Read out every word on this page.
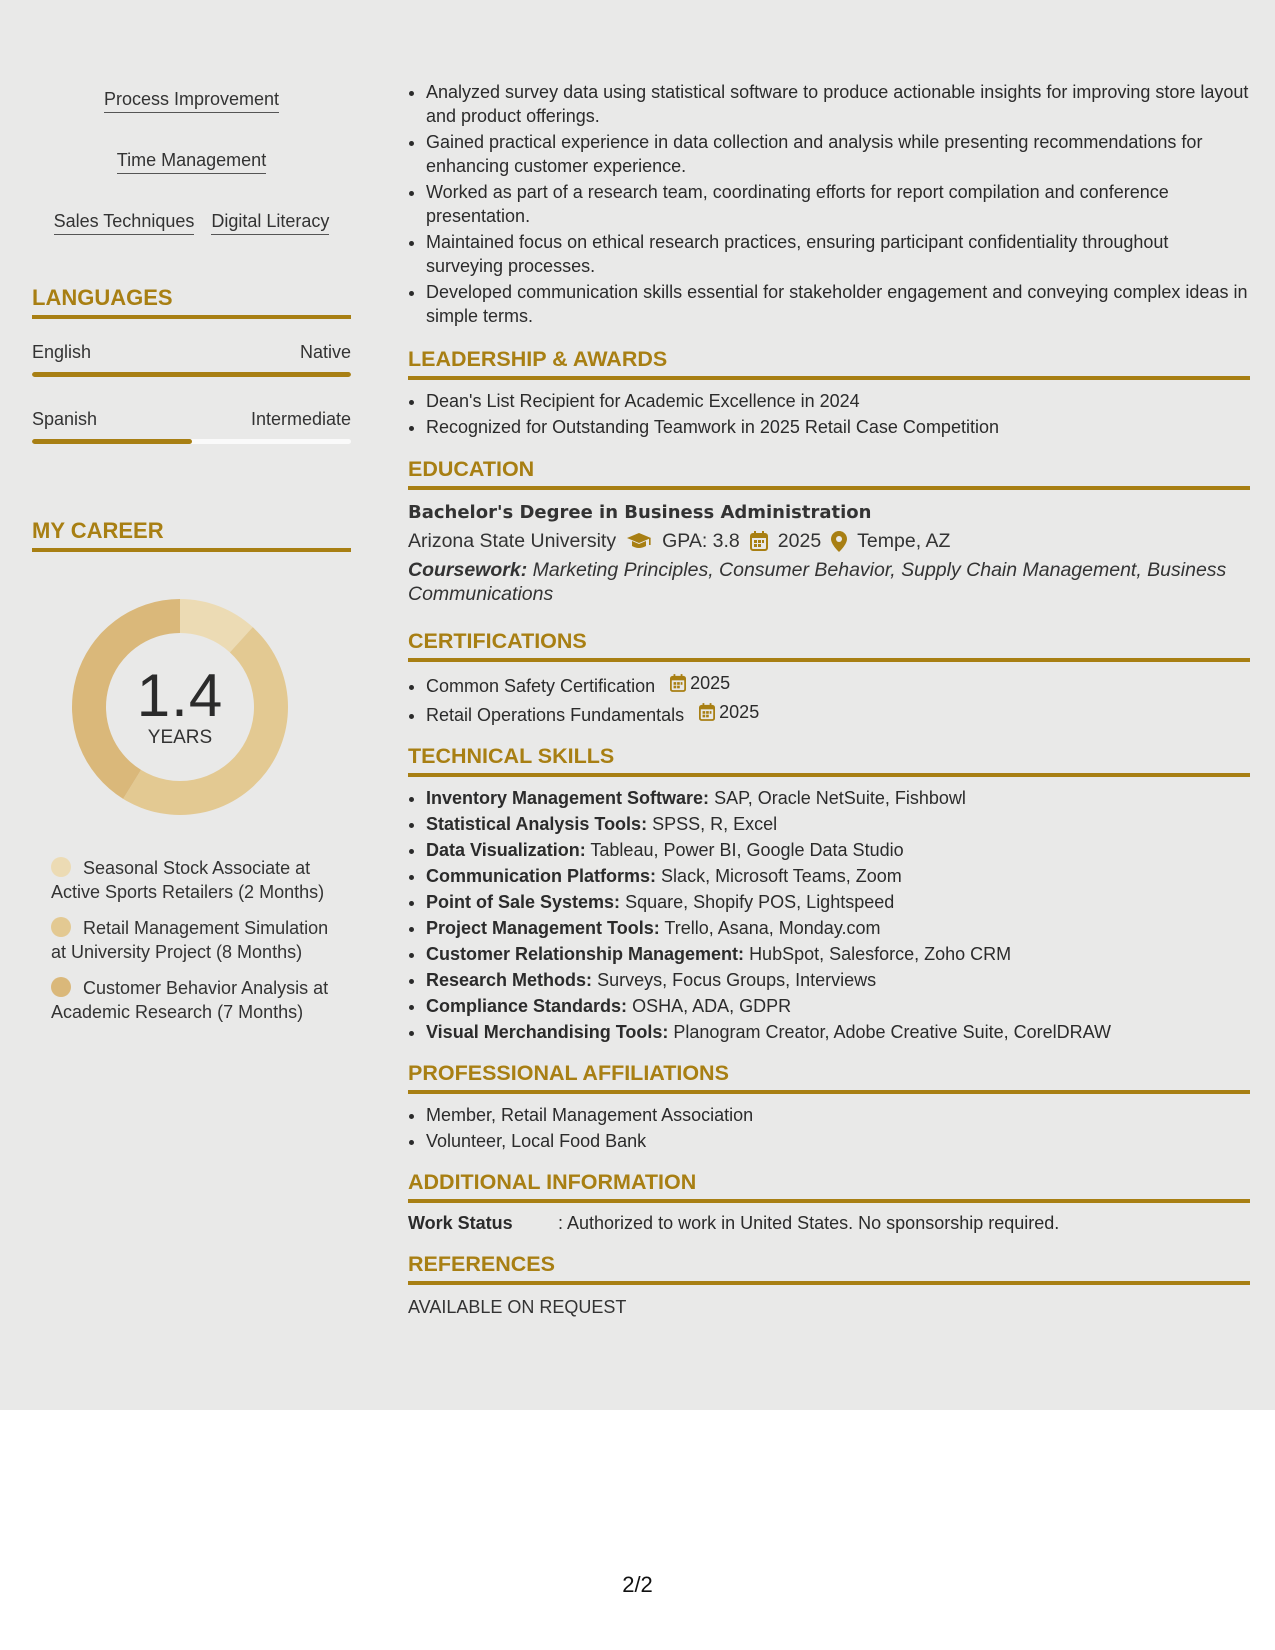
Process Improvement
Time Management
Sales Techniques Digital Literacy
LANGUAGES
English	Native
Spanish	Intermediate
MY CAREER
1.4
YEARS
Seasonal Stock Associate at Active Sports Retailers (2 Months)
Retail Management Simulation at University Project (8 Months)
Customer Behavior Analysis at Academic Research (7 Months)
• Analyzed survey data using statistical software to produce actionable insights for improving store layout and product offerings.
• Gained practical experience in data collection and analysis while presenting recommendations for enhancing customer experience.
• Worked as part of a research team, coordinating efforts for report compilation and conference presentation.
• Maintained focus on ethical research practices, ensuring participant confidentiality throughout surveying processes.
• Developed communication skills essential for stakeholder engagement and conveying complex ideas in simple terms.
LEADERSHIP & AWARDS
• Dean's List Recipient for Academic Excellence in 2024
• Recognized for Outstanding Teamwork in 2025 Retail Case Competition
EDUCATION
Bachelor's Degree in Business Administration
Arizona State University GPA: 3.8 2025 Tempe, AZ
Coursework: Marketing Principles, Consumer Behavior, Supply Chain Management, Business Communications
CERTIFICATIONS
• Common Safety Certification 2025
• Retail Operations Fundamentals 2025
TECHNICAL SKILLS
• Inventory Management Software: SAP, Oracle NetSuite, Fishbowl
• Statistical Analysis Tools: SPSS, R, Excel
• Data Visualization: Tableau, Power BI, Google Data Studio
• Communication Platforms: Slack, Microsoft Teams, Zoom
• Point of Sale Systems: Square, Shopify POS, Lightspeed
• Project Management Tools: Trello, Asana, Monday.com
• Customer Relationship Management: HubSpot, Salesforce, Zoho CRM
• Research Methods: Surveys, Focus Groups, Interviews
• Compliance Standards: OSHA, ADA, GDPR
• Visual Merchandising Tools: Planogram Creator, Adobe Creative Suite, CorelDRAW
PROFESSIONAL AFFILIATIONS
• Member, Retail Management Association
• Volunteer, Local Food Bank
ADDITIONAL INFORMATION
Work Status	: Authorized to work in United States. No sponsorship required.
REFERENCES
AVAILABLE ON REQUEST
2/2
